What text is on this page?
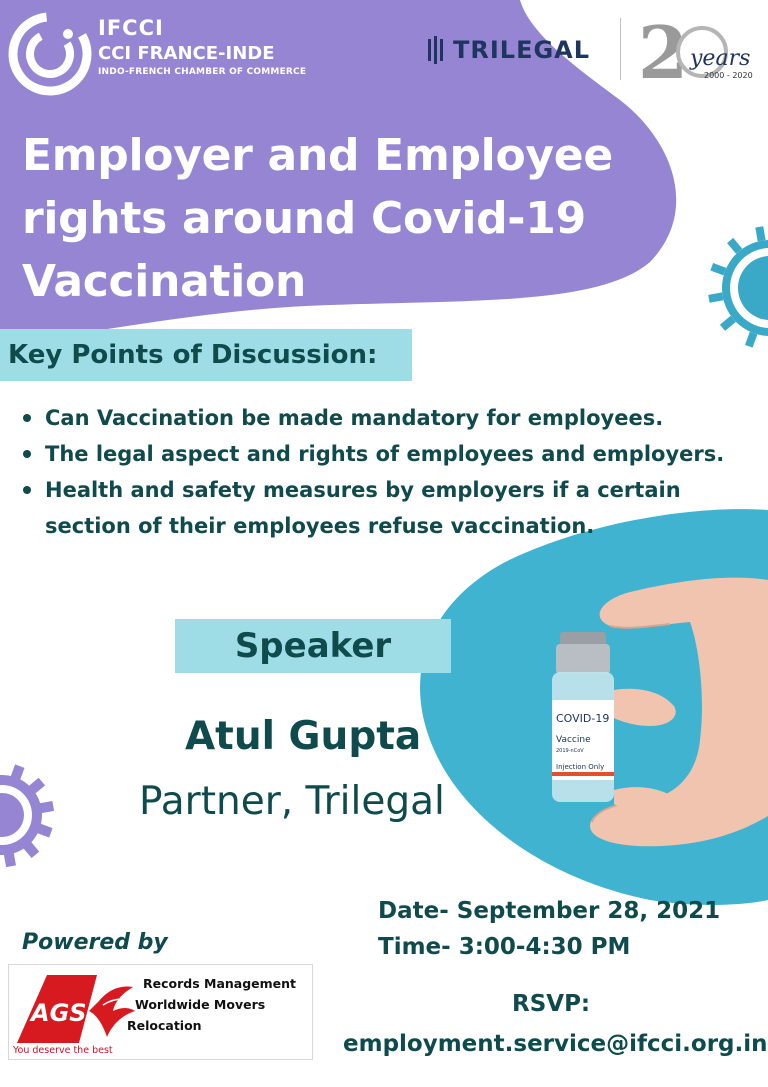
IFCCI
CCI FRANCE-INDE
INDO-FRENCH CHAMBER OF COMMERCE
TRILEGAL 2 years
2000 - 2020
Employer and Employee
rights around Covid-19
Vaccination
Key Points of Discussion:
Can Vaccination be made mandatory for employees.
The legal aspect and rights of employees and employers.
Health and safety measures by employers if a certain section of their employees refuse vaccination.
COVID-19
Vaccine
2019-nCoV
Injection Only
Speaker
Atul Gupta
Partner, Trilegal
Date- September 28, 2021
Time- 3:00-4:30 PM
RSVP:
employment.service@ifcci.org.in
Powered by
AGS
You deserve the best
Records Management
Worldwide Movers
Relocation
